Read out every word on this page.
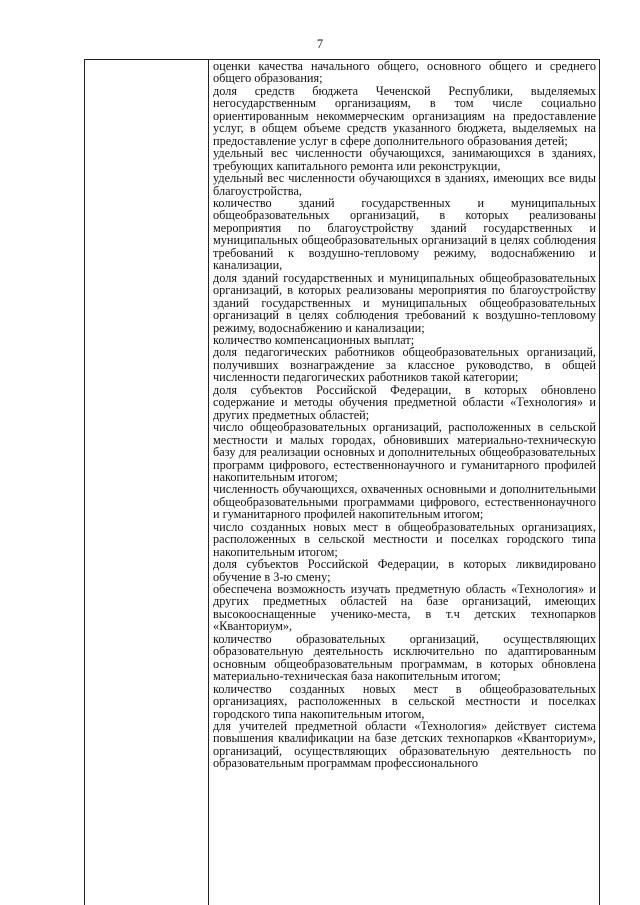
7

оценки качества начального общего, основного общего и среднего общего образования;

доля средств бюджета Чеченской Республики, выделяемых негосударственным организациям, в том числе социально ориентированным некоммерческим организациям на предоставление услуг, в общем объеме средств указанного бюджета, выделяемых на предоставление услуг в сфере дополнительного образования детей;

удельный вес численности обучающихся, занимающихся в зданиях, требующих капитального ремонта или реконструкции,

удельный вес численности обучающихся в зданиях, имеющих все виды благоустройства,

количество зданий государственных и муниципальных общеобразовательных организаций, в которых реализованы мероприятия по благоустройству зданий государственных и муниципальных общеобразовательных организаций в целях соблюдения требований к воздушно-тепловому режиму, водоснабжению и канализации,

доля зданий государственных и муниципальных общеобразовательных организаций, в которых реализованы мероприятия по благоустройству зданий государственных и муниципальных общеобразовательных организаций в целях соблюдения требований к воздушно-тепловому режиму, водоснабжению и канализации;

количество компенсационных выплат;

доля педагогических работников общеобразовательных организаций, получивших вознаграждение за классное руководство, в общей численности педагогических работников такой категории;

доля субъектов Российской Федерации, в которых обновлено содержание и методы обучения предметной области «Технология» и других предметных областей;

число общеобразовательных организаций, расположенных в сельской местности и малых городах, обновивших материально-техническую базу для реализации основных и дополнительных общеобразовательных программ цифрового, естественнонаучного и гуманитарного профилей накопительным итогом;

численность обучающихся, охваченных основными и дополнительными общеобразовательными программами цифрового, естественнонаучного и гуманитарного профилей накопительным итогом;

число созданных новых мест в общеобразовательных организациях, расположенных в сельской местности и поселках городского типа накопительным итогом;

доля субъектов Российской Федерации, в которых ликвидировано обучение в 3-ю смену;

обеспечена возможность изучать предметную область «Технология» и других предметных областей на базе организаций, имеющих высокооснащенные ученико-места, в т.ч детских технопарков «Кванториум»,

количество образовательных организаций, осуществляющих образовательную деятельность исключительно по адаптированным основным общеобразовательным программам, в которых обновлена материально-техническая база накопительным итогом;

количество созданных новых мест в общеобразовательных организациях, расположенных в сельской местности и поселках городского типа накопительным итогом,

для учителей предметной области «Технология» действует система повышения квалификации на базе детских технопарков «Кванториум», организаций, осуществляющих образовательную деятельность по образовательным программам профессионального
